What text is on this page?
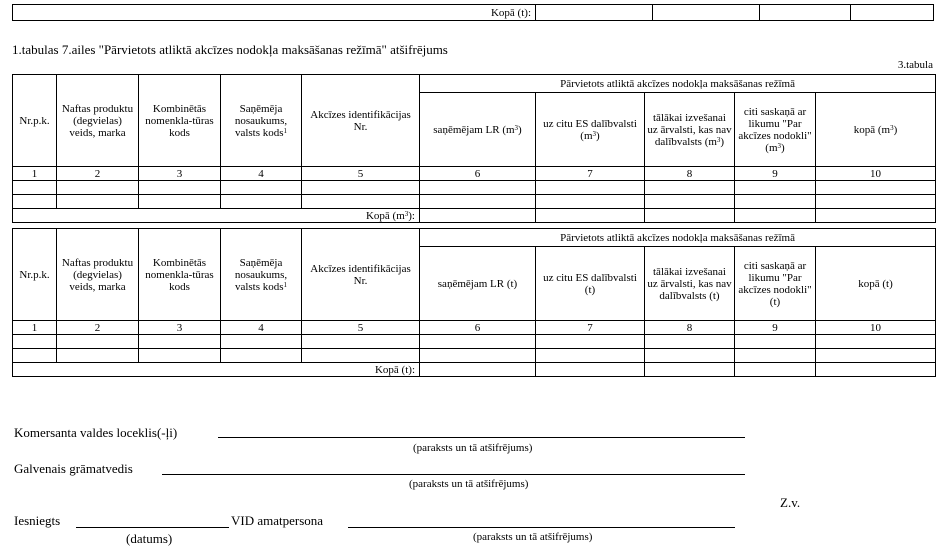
Kopā (t):				
1.tabulas 7.ailes "Pārvietots atliktā akcīzes nodokļa maksāšanas režīmā" atšifrējums
3.tabula
Nr.p.k.	Naftas produktu (degvielas) veids, marka	Kombinētās nomenkla-tūras kods	Saņēmēja nosaukums, valsts kods$^1$	Akcīzes identifikācijas Nr.	Pārvietots atliktā akcīzes nodokļa maksāšanas režīmā				
					saņēmējam LR $(m^3)$	uz citu ES dalībvalsti $(m^3)$	tālākai izvešanai uz ārvalsti, kas nav dalībvalsts $(m^3)$	citi saskaņā ar likumu "Par akcīzes nodokli" $(m^3)$	kopā $(m^3)$
1	2	3	4	5	6	7	8	9	10

Kopā $(m^3)$:									
Nr.p.k.	Naftas produktu (degvielas) veids, marka	Kombinētās nomenkla-tūras kods	Saņēmēja nosaukums, valsts kods$^1$	Akcīzes identifikācijas Nr.	Pārvietots atliktā akcīzes nodokļa maksāšanas režīmā				
					saņēmējam LR (t)	uz citu ES dalībvalsti (t)	tālākai izvešanai uz ārvalsti, kas nav dalībvalsts (t)	citi saskaņā ar likumu "Par akcīzes nodokli" (t)	kopā (t)
1	2	3	4	5	6	7	8	9	10

Kopā (t):									
Komersanta valdes loceklis(-ļi)
(paraksts un tā atšifrējums)
Galvenais grāmatvedis
(paraksts un tā atšifrējums)
Z.v.
Iesniegts	VID amatpersona
(datums)	(paraksts un tā atšifrējums)
